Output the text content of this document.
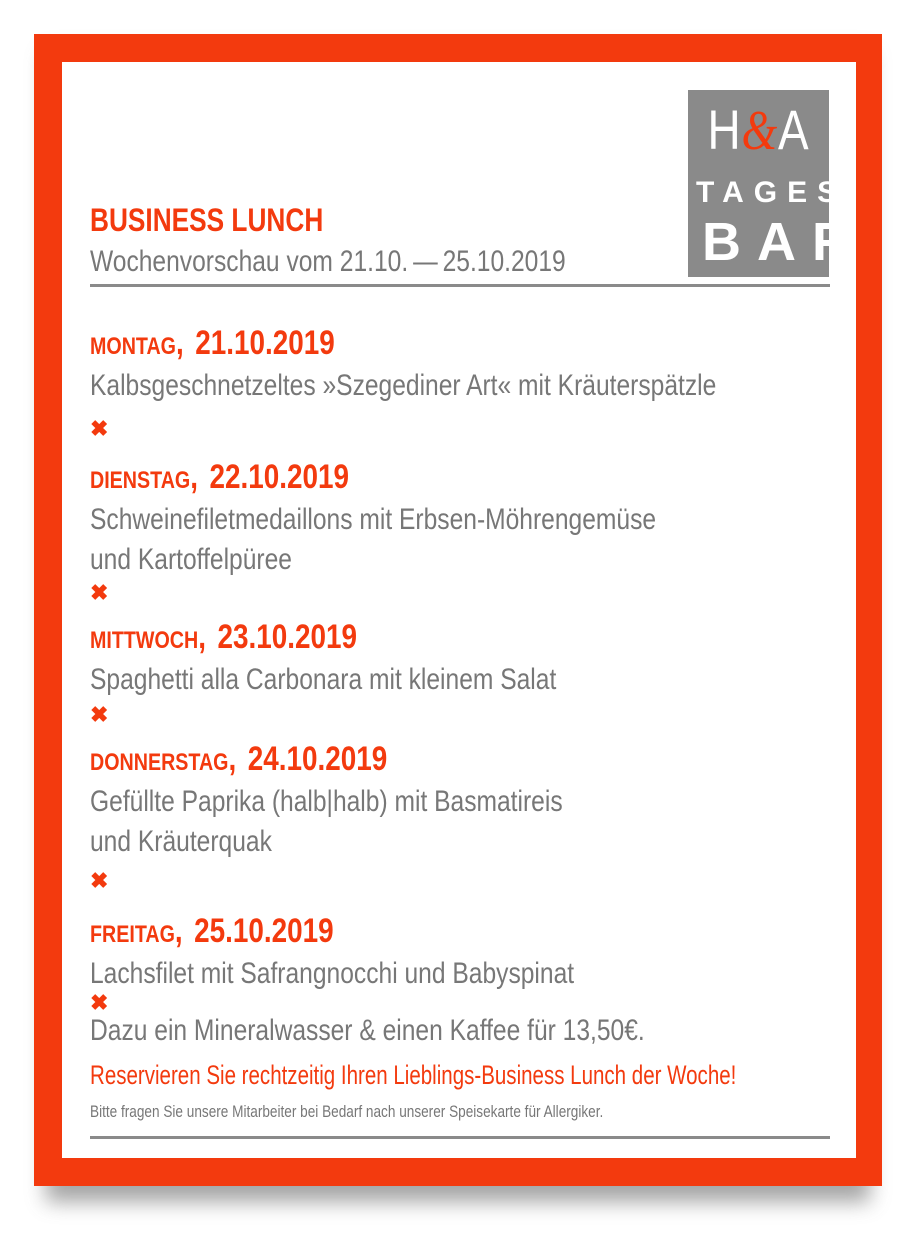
H&A
TAGES
BAR
BUSINESS LUNCH
Wochenvorschau vom 21.10. — 25.10.2019
MONTAG, 21.10.2019
Kalbsgeschnetzeltes »Szegediner Art« mit Kräuterspätzle
✖
DIENSTAG, 22.10.2019
Schweinefiletmedaillons mit Erbsen-Möhrengemüse
und Kartoffelpüree
✖
MITTWOCH, 23.10.2019
Spaghetti alla Carbonara mit kleinem Salat
✖
DONNERSTAG, 24.10.2019
Gefüllte Paprika (halb|halb) mit Basmatireis
und Kräuterquak
✖
FREITAG, 25.10.2019
Lachsfilet mit Safrangnocchi und Babyspinat
✖
Dazu ein Mineralwasser & einen Kaffee für 13,50€.
Reservieren Sie rechtzeitig Ihren Lieblings-Business Lunch der Woche!
Bitte fragen Sie unsere Mitarbeiter bei Bedarf nach unserer Speisekarte für Allergiker.
